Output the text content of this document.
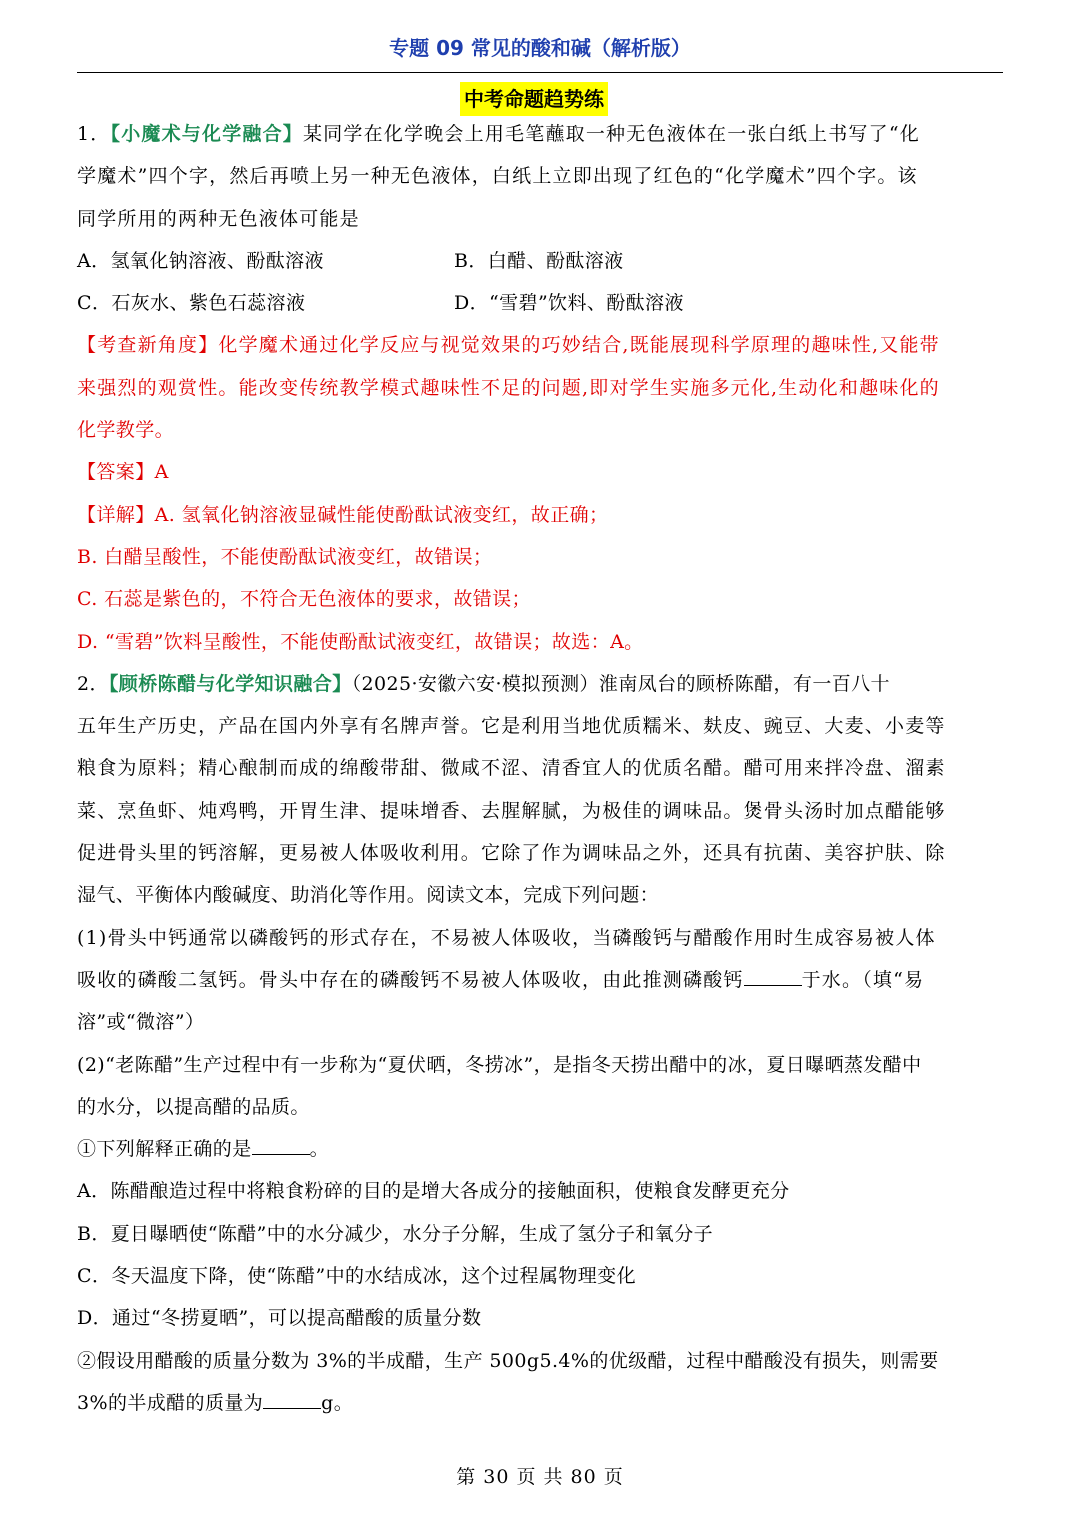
专题 09 常见的酸和碱（解析版）
中考命题趋势练
1．【小魔术与化学融合】某同学在化学晚会上用毛笔蘸取一种无色液体在一张白纸上书写了“化
学魔术”四个字，然后再喷上另一种无色液体，白纸上立即出现了红色的“化学魔术”四个字。该
同学所用的两种无色液体可能是
A．氢氧化钠溶液、酚酞溶液	B．白醋、酚酞溶液
C．石灰水、紫色石蕊溶液	D．“雪碧”饮料、酚酞溶液
【考查新角度】化学魔术通过化学反应与视觉效果的巧妙结合,既能展现科学原理的趣味性,又能带
来强烈的观赏性。能改变传统教学模式趣味性不足的问题,即对学生实施多元化,生动化和趣味化的
化学教学。
【答案】A
【详解】A. 氢氧化钠溶液显碱性能使酚酞试液变红，故正确；
B. 白醋呈酸性，不能使酚酞试液变红，故错误；
C. 石蕊是紫色的，不符合无色液体的要求，故错误；
D. “雪碧”饮料呈酸性，不能使酚酞试液变红，故错误；故选：A。
2．【顾桥陈醋与化学知识融合】（2025·安徽六安·模拟预测）淮南凤台的顾桥陈醋，有一百八十
五年生产历史，产品在国内外享有名牌声誉。它是利用当地优质糯米、麸皮、豌豆、大麦、小麦等
粮食为原料；精心酿制而成的绵酸带甜、微咸不涩、清香宜人的优质名醋。醋可用来拌冷盘、溜素
菜、烹鱼虾、炖鸡鸭，开胃生津、提味增香、去腥解腻，为极佳的调味品。煲骨头汤时加点醋能够
促进骨头里的钙溶解，更易被人体吸收利用。它除了作为调味品之外，还具有抗菌、美容护肤、除
湿气、平衡体内酸碱度、助消化等作用。阅读文本，完成下列问题：
(1)骨头中钙通常以磷酸钙的形式存在，不易被人体吸收，当磷酸钙与醋酸作用时生成容易被人体
吸收的磷酸二氢钙。骨头中存在的磷酸钙不易被人体吸收，由此推测磷酸钙	于水。（填“易
溶”或“微溶”）
(2)“老陈醋”生产过程中有一步称为“夏伏晒，冬捞冰”，是指冬天捞出醋中的冰，夏日曝晒蒸发醋中
的水分，以提高醋的品质。
①下列解释正确的是	。
A．陈醋酿造过程中将粮食粉碎的目的是增大各成分的接触面积，使粮食发酵更充分
B．夏日曝晒使“陈醋”中的水分减少，水分子分解，生成了氢分子和氧分子
C．冬天温度下降，使“陈醋”中的水结成冰，这个过程属物理变化
D．通过“冬捞夏晒”，可以提高醋酸的质量分数
②假设用醋酸的质量分数为 3%的半成醋，生产 500g5.4%的优级醋，过程中醋酸没有损失，则需要
3%的半成醋的质量为	g。
第 30 页 共 80 页
